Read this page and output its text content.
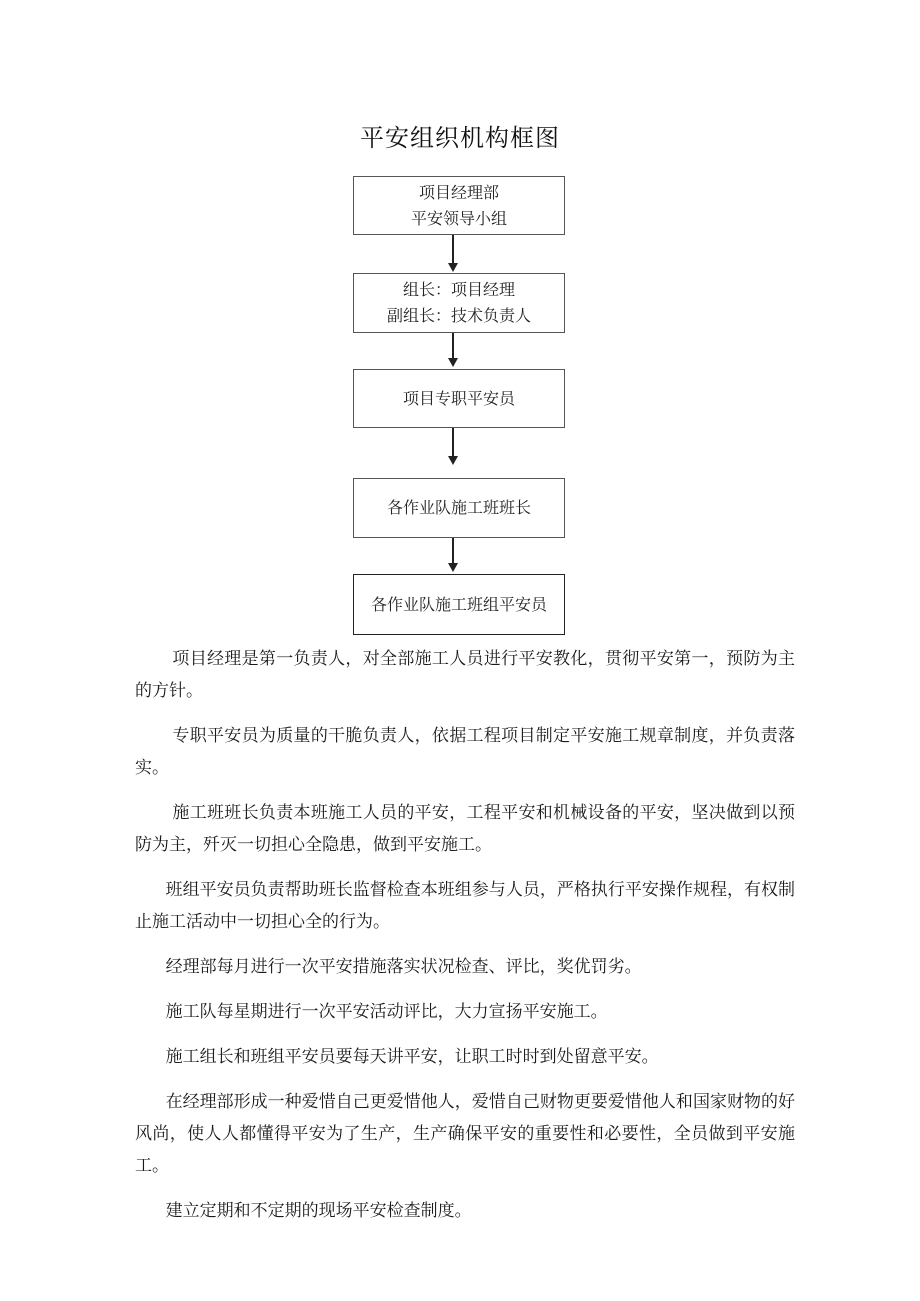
平安组织机构框图
项目经理部
平安领导小组
组长：项目经理
副组长：技术负责人
项目专职平安员
各作业队施工班班长
各作业队施工班组平安员

项目经理是第一负责人，对全部施工人员进行平安教化，贯彻平安第一，预防为主的方针。

专职平安员为质量的干脆负责人，依据工程项目制定平安施工规章制度，并负责落实。

施工班班长负责本班施工人员的平安，工程平安和机械设备的平安，坚决做到以预防为主，歼灭一切担心全隐患，做到平安施工。

班组平安员负责帮助班长监督检查本班组参与人员，严格执行平安操作规程，有权制止施工活动中一切担心全的行为。

经理部每月进行一次平安措施落实状况检查、评比，奖优罚劣。

施工队每星期进行一次平安活动评比，大力宣扬平安施工。

施工组长和班组平安员要每天讲平安，让职工时时到处留意平安。

在经理部形成一种爱惜自己更爱惜他人，爱惜自己财物更要爱惜他人和国家财物的好风尚，使人人都懂得平安为了生产，生产确保平安的重要性和必要性，全员做到平安施工。

建立定期和不定期的现场平安检查制度。
